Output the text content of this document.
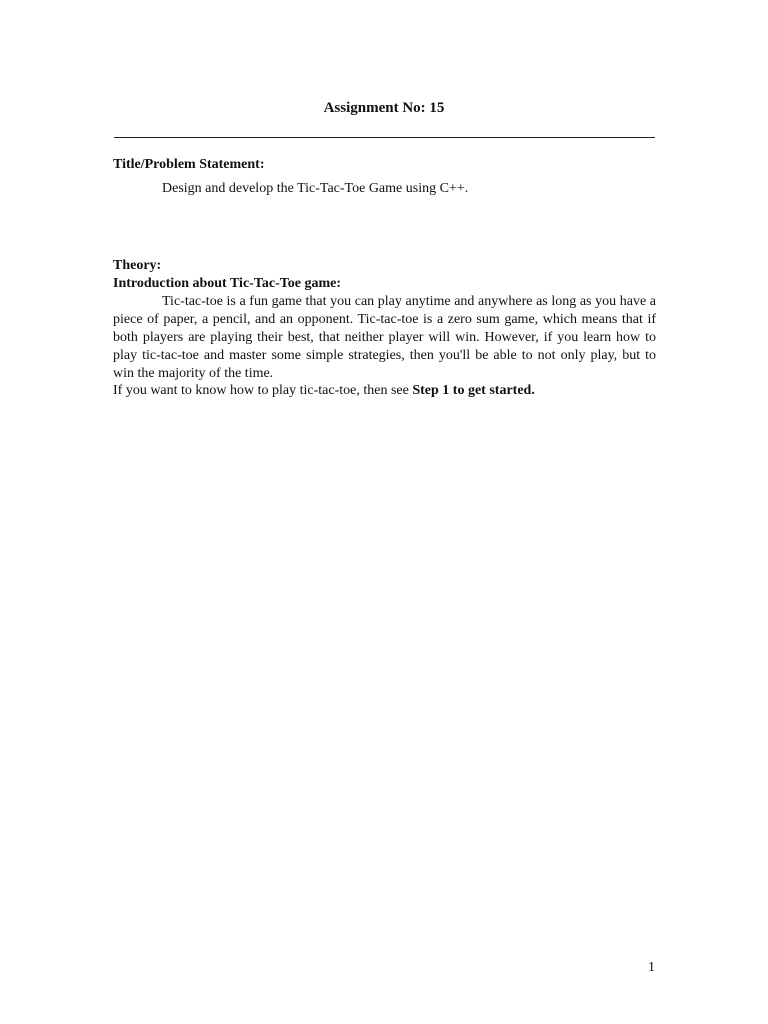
Assignment No: 15
Title/Problem Statement:
Design and develop the Tic-Tac-Toe Game using C++.
Theory:
Introduction about Tic-Tac-Toe game:
Tic-tac-toe is a fun game that you can play anytime and anywhere as long as you have a piece of paper, a pencil, and an opponent. Tic-tac-toe is a zero sum game, which means that if both players are playing their best, that neither player will win. However, if you learn how to play tic-tac-toe and master some simple strategies, then you'll be able to not only play, but to win the majority of the time.
If you want to know how to play tic-tac-toe, then see Step 1 to get started.
1
